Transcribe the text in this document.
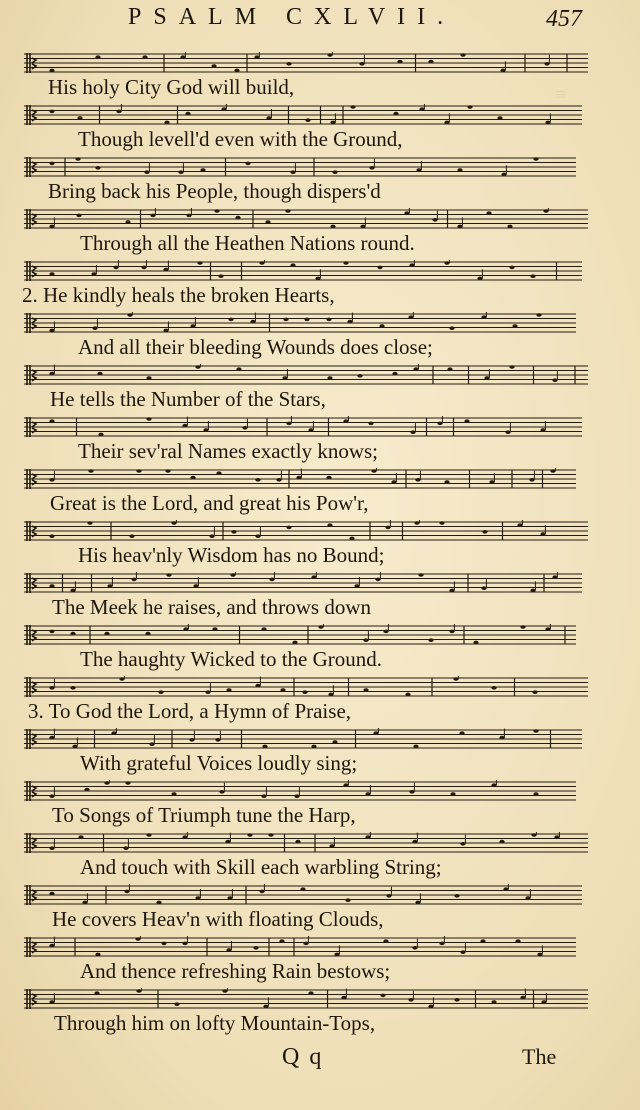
PSALM CXLVII.	457
≡
His holy City God will build,
Though levell'd even with the Ground,
Bring back his People, though dispers'd
Through all the Heathen Nations round.
2. He kindly heals the broken Hearts,
And all their bleeding Wounds does close;
He tells the Number of the Stars,
Their sev'ral Names exactly knows;
Great is the Lord, and great his Pow'r,
His heav'nly Wisdom has no Bound;
The Meek he raises, and throws down
The haughty Wicked to the Ground.
3. To God the Lord, a Hymn of Praise,
With grateful Voices loudly sing;
To Songs of Triumph tune the Harp,
And touch with Skill each warbling String;
He covers Heav'n with floating Clouds,
And thence refreshing Rain bestows;
Through him on lofty Mountain-Tops,
Q q	The
